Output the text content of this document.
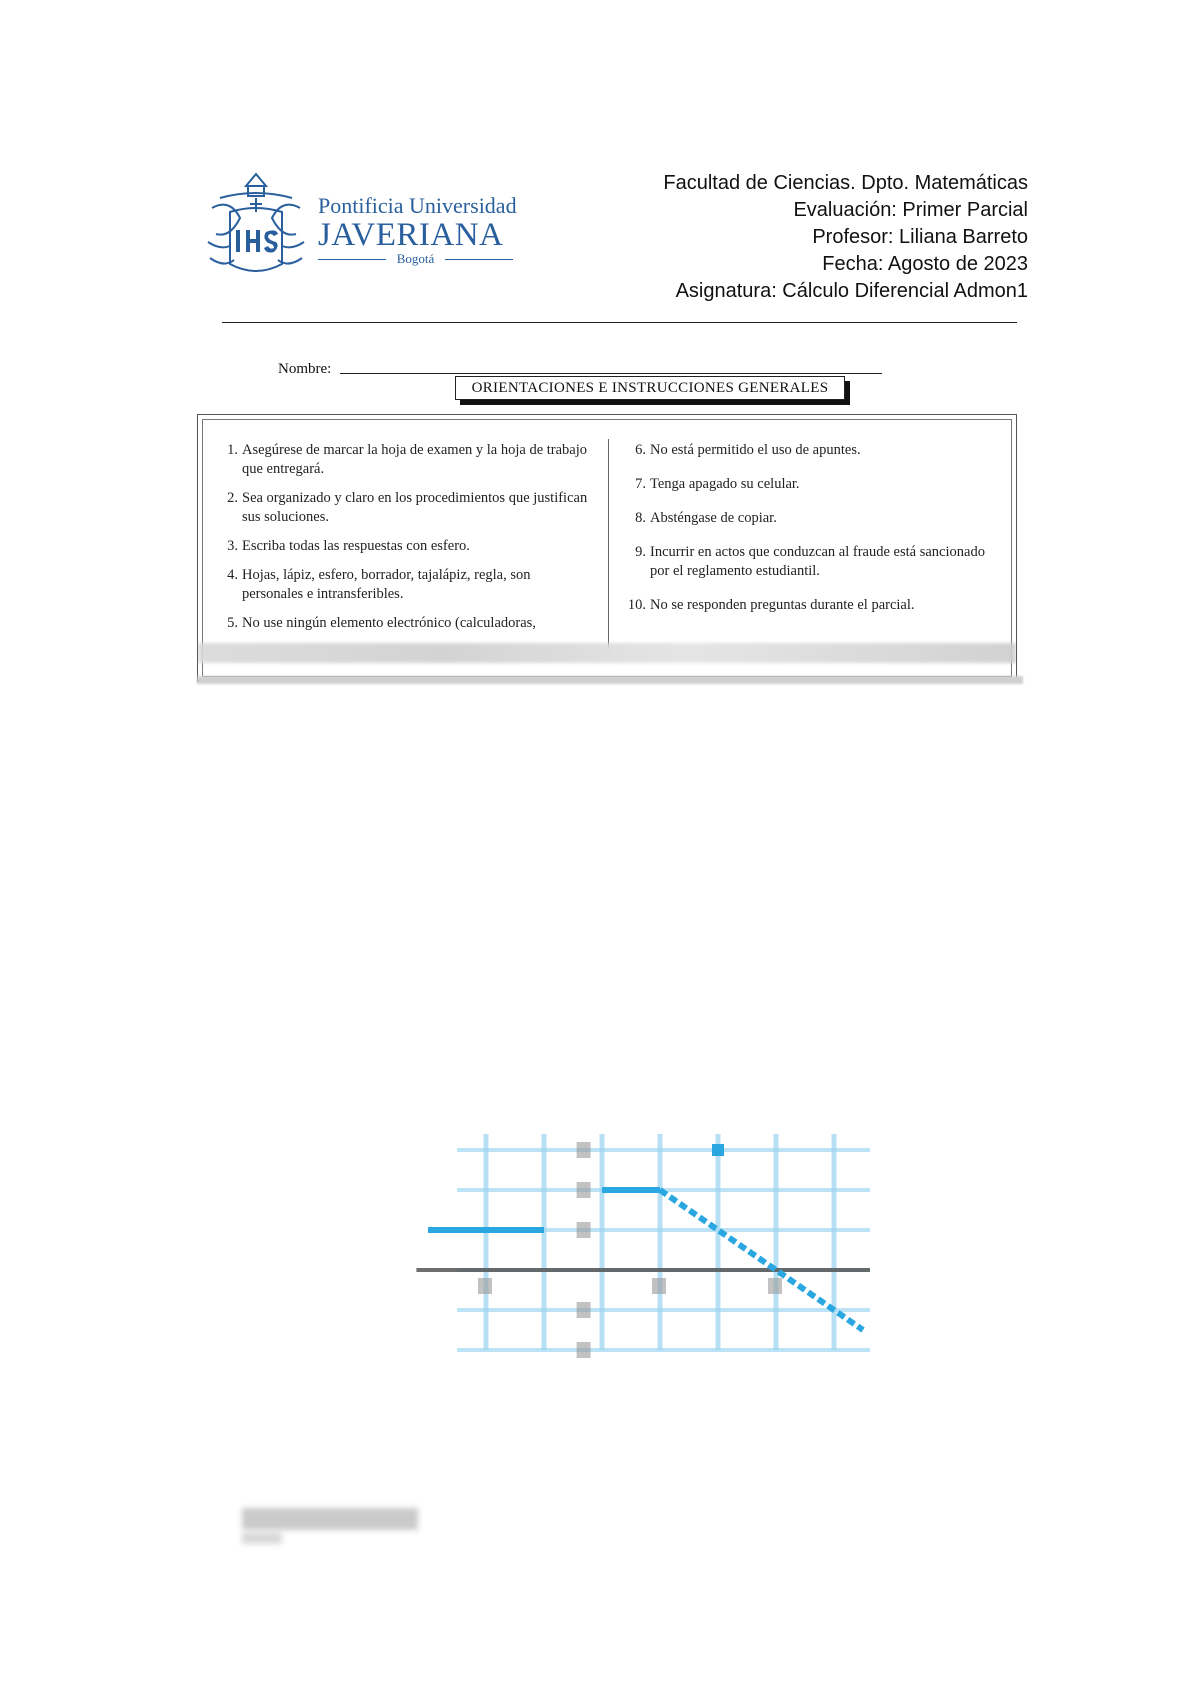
Pontificia Universidad
JAVERIANA
Bogotá
Facultad de Ciencias. Dpto. Matemáticas
Evaluación: Primer Parcial
Profesor: Liliana Barreto
Fecha: Agosto de 2023
Asignatura: Cálculo Diferencial Admon1
Nombre:
ORIENTACIONES E INSTRUCCIONES GENERALES
1. Asegúrese de marcar la hoja de examen y la hoja de trabajo que entregará.
2. Sea organizado y claro en los procedimientos que justifican sus soluciones.
3. Escriba todas las respuestas con esfero.
4. Hojas, lápiz, esfero, borrador, tajalápiz, regla, son personales e intransferibles.
5. No use ningún elemento electrónico (calculadoras,
6. No está permitido el uso de apuntes.
7. Tenga apagado su celular.
8. Absténgase de copiar.
9. Incurrir en actos que conduzcan al fraude está sancionado por el reglamento estudiantil.
10. No se responden preguntas durante el parcial.
